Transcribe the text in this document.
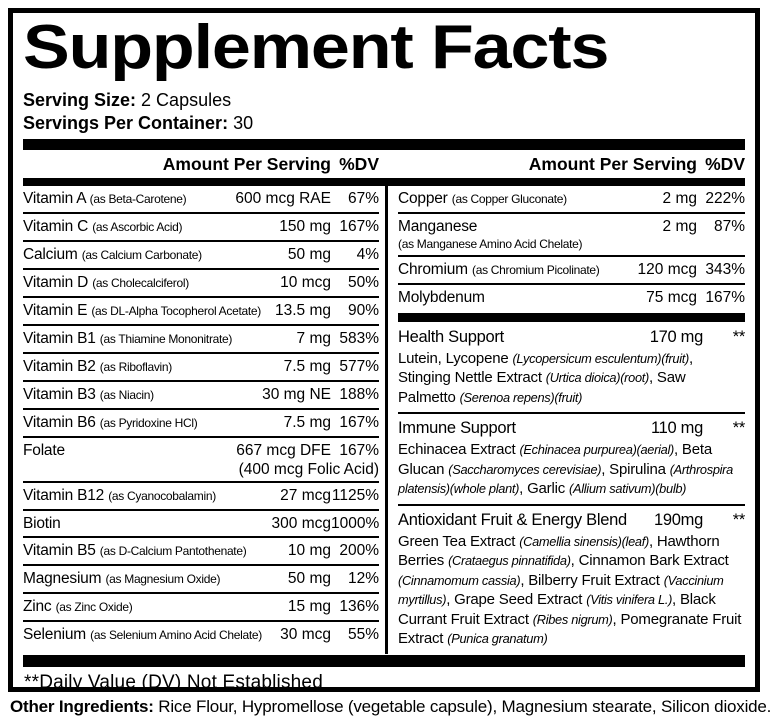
Supplement Facts
Serving Size: 2 Capsules
Servings Per Container: 30
Amount Per Serving %DV	Amount Per Serving %DV
Vitamin A (as Beta-Carotene)	600 mcg RAE	67%
Vitamin C (as Ascorbic Acid)	150 mg 167%
Calcium (as Calcium Carbonate)	50 mg	4%
Vitamin D (as Cholecalciferol)	10 mcg	50%
Vitamin E (as DL-Alpha Tocopherol Acetate) 13.5 mg	90%
Vitamin B1 (as Thiamine Mononitrate)	7 mg 583%
Vitamin B2 (as Riboflavin)	7.5 mg 577%
Vitamin B3 (as Niacin)	30 mg NE 188%
Vitamin B6 (as Pyridoxine HCl)	7.5 mg 167%
Folate	667 mcg DFE 167%
(400 mcg Folic Acid)
Vitamin B12 (as Cyanocobalamin)	27 mcg 1125%
Biotin	300 mcg 1000%
Vitamin B5 (as D-Calcium Pantothenate)	10 mg 200%
Magnesium (as Magnesium Oxide)	50 mg	12%
Zinc (as Zinc Oxide)	15 mg 136%
Selenium (as Selenium Amino Acid Chelate)	30 mcg	55%
Copper (as Copper Gluconate)	2 mg 222%
Manganese	2 mg	87%
(as Manganese Amino Acid Chelate)
Chromium (as Chromium Picolinate)	120 mcg 343%
Molybdenum	75 mcg 167%
Health Support	170 mg	**
Lutein, Lycopene (Lycopersicum esculentum)(fruit), Stinging Nettle Extract (Urtica dioica)(root), Saw Palmetto (Serenoa repens)(fruit)
Immune Support	110 mg	**
Echinacea Extract (Echinacea purpurea)(aerial), Beta Glucan (Saccharomyces cerevisiae), Spirulina (Arthrospira platensis)(whole plant), Garlic (Allium sativum)(bulb)
Antioxidant Fruit & Energy Blend	190mg	**
Green Tea Extract (Camellia sinensis)(leaf), Hawthorn Berries (Crataegus pinnatifida), Cinnamon Bark Extract (Cinnamomum cassia), Bilberry Fruit Extract (Vaccinium myrtillus), Grape Seed Extract (Vitis vinifera L.), Black Currant Fruit Extract (Ribes nigrum), Pomegranate Fruit Extract (Punica granatum)
**Daily Value (DV) Not Established
Other Ingredients: Rice Flour, Hypromellose (vegetable capsule), Magnesium stearate, Silicon dioxide.
